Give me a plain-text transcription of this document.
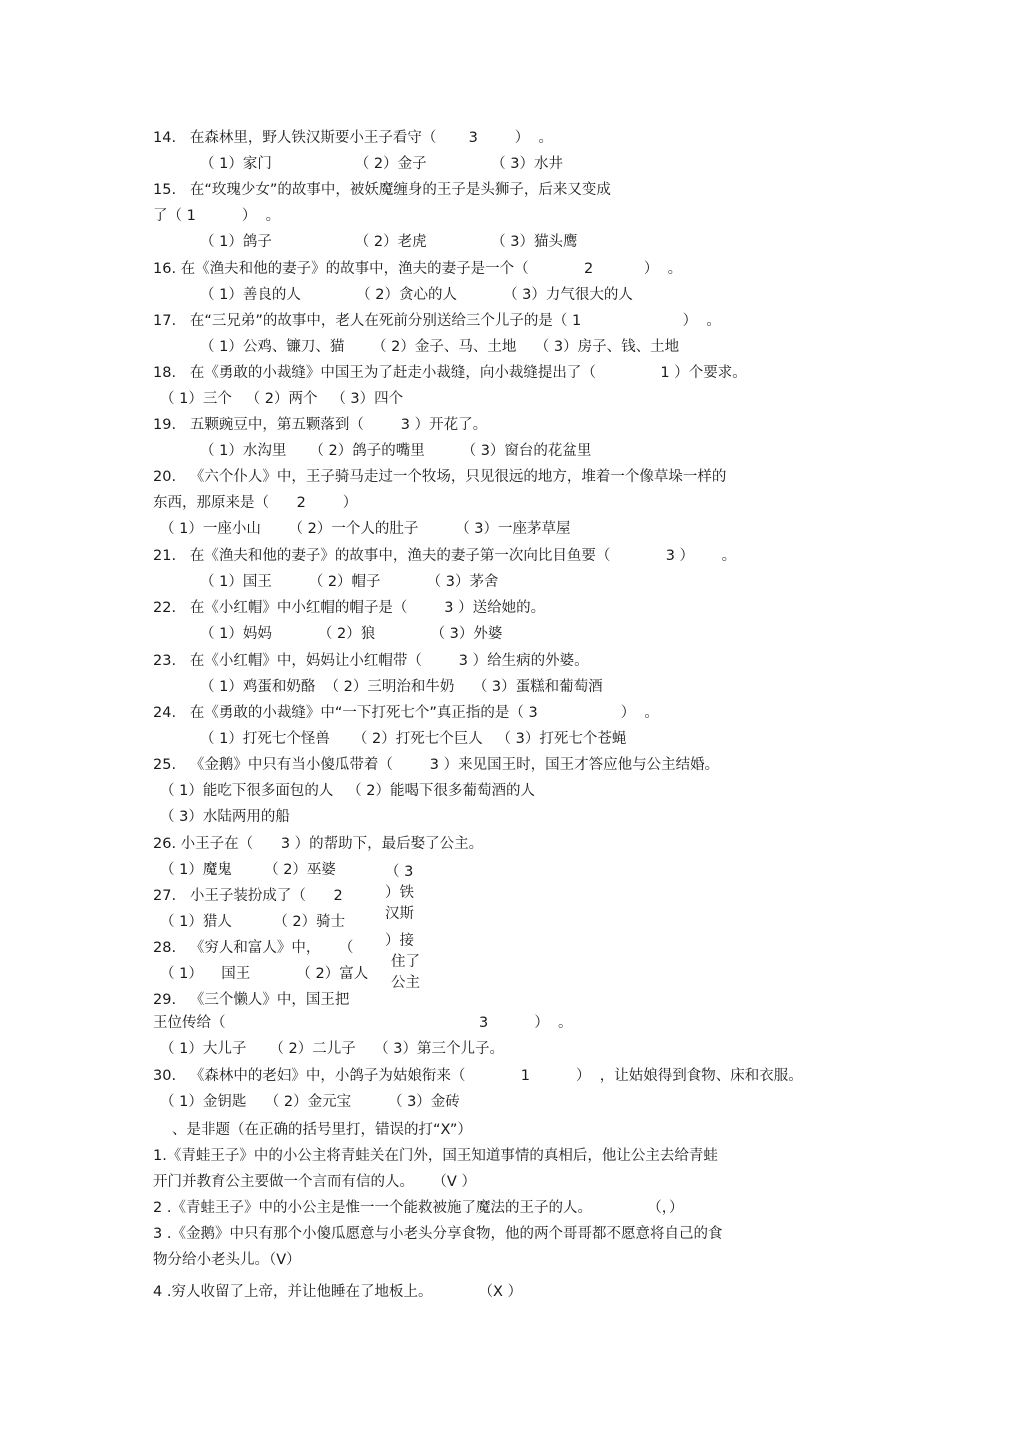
14.   在森林里，野人铁汉斯要小王子看守（       3        ）  。
（ 1）家门                  （ 2）金子              （ 3）水井
15.   在“玫瑰少女”的故事中，被妖魔缠身的王子是头狮子，后来又变成
了（ 1          ）  。
（ 1）鸽子                  （ 2）老虎              （ 3）猫头鹰
16. 在《渔夫和他的妻子》的故事中，渔夫的妻子是一个（            2           ）  。
（ 1）善良的人            （ 2）贪心的人          （ 3）力气很大的人
17.   在“三兄弟”的故事中，老人在死前分别送给三个儿子的是（ 1                      ）  。
（ 1）公鸡、镰刀、猫      （ 2）金子、马、土地    （ 3）房子、钱、土地
18.   在《勇敢的小裁缝》中国王为了赶走小裁缝，向小裁缝提出了（              1 ）个要求。
（ 1）三个   （ 2）两个   （ 3）四个
19.   五颗豌豆中，第五颗落到（        3 ）开花了。
（ 1）水沟里     （ 2）鸽子的嘴里        （ 3）窗台的花盆里
20.   《六个仆人》中，王子骑马走过一个牧场，只见很远的地方，堆着一个像草垛一样的
东西，那原来是（      2        ）
（ 1）一座小山      （ 2）一个人的肚子        （ 3）一座茅草屋
21.   在《渔夫和他的妻子》的故事中，渔夫的妻子第一次向比目鱼要（            3 ）      。
（ 1）国王        （ 2）帽子          （ 3）茅舍
22.   在《小红帽》中小红帽的帽子是（        3 ）送给她的。
（ 1）妈妈          （ 2）狼            （ 3）外婆
23.   在《小红帽》中，妈妈让小红帽带（        3 ）给生病的外婆。
（ 1）鸡蛋和奶酪  （ 2）三明治和牛奶    （ 3）蛋糕和葡萄酒
24.   在《勇敢的小裁缝》中“一下打死七个”真正指的是（ 3                  ）  。
（ 1）打死七个怪兽     （ 2）打死七个巨人   （ 3）打死七个苍蝇
25.   《金鹅》中只有当小傻瓜带着（        3 ）来见国王时，国王才答应他与公主结婚。
（ 1）能吃下很多面包的人   （ 2）能喝下很多葡萄酒的人
（ 3）水陆两用的船
26. 小王子在（      3 ）的帮助下，最后娶了公主。
（ 1）魔鬼       （ 2）巫婆
27.   小王子装扮成了（      2
（ 1）猎人         （ 2）骑士
28.   《穷人和富人》中，    （
（ 1）    国王          （ 2）富人
29.   《三个懒人》中，国王把
王位传给（                                                       3          ）  。
（ 1）大儿子     （ 2）二儿子    （ 3）第三个儿子。
30.   《森林中的老妇》中，小鸽子为姑娘衔来（            1          ）  ，让姑娘得到食物、床和衣服。
（ 1）金钥匙    （ 2）金元宝        （ 3）金砖
（ 3
）铁
汉斯
）接
住了
公主
、是非题（在正确的括号里打，错误的打“X”）
1.《青蛙王子》中的小公主将青蛙关在门外，国王知道事情的真相后，他让公主去给青蛙
开门并教育公主要做一个言而有信的人。    （V ）
2 .《青蛙王子》中的小公主是惟一一个能救被施了魔法的王子的人。            （，）
3 .《金鹅》中只有那个小傻瓜愿意与小老头分享食物，他的两个哥哥都不愿意将自己的食
物分给小老头儿。（V）
4 .穷人收留了上帝，并让他睡在了地板上。          （X ）
